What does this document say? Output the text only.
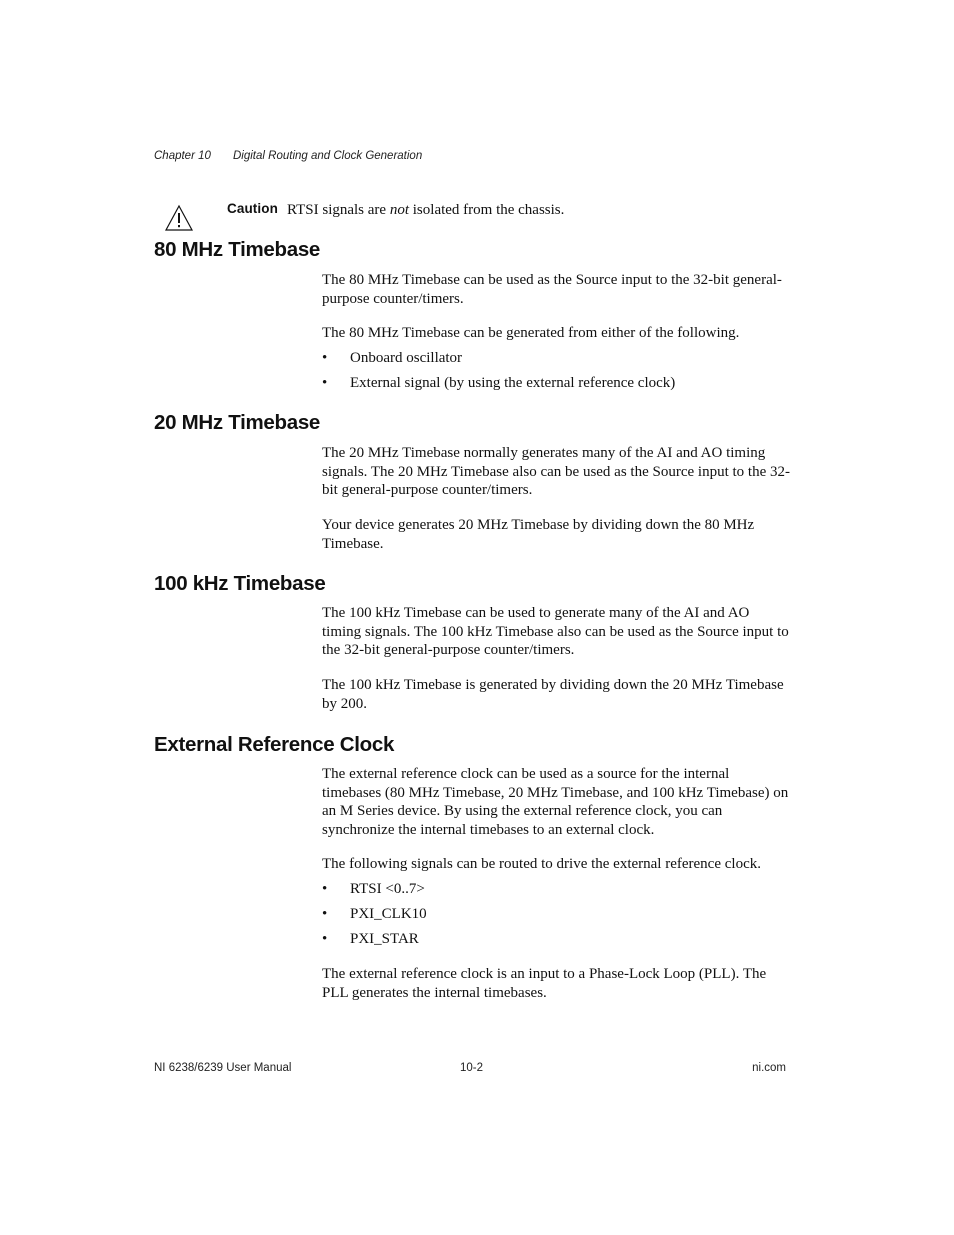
Chapter 10 Digital Routing and Clock Generation
Caution RTSI signals are not isolated from the chassis.
80 MHz Timebase

The 80 MHz Timebase can be used as the Source input to the 32-bit general-purpose counter/timers.

The 80 MHz Timebase can be generated from either of the following.

• Onboard oscillator
• External signal (by using the external reference clock)
20 MHz Timebase

The 20 MHz Timebase normally generates many of the AI and AO timing signals. The 20 MHz Timebase also can be used as the Source input to the 32-bit general-purpose counter/timers.

Your device generates 20 MHz Timebase by dividing down the 80 MHz Timebase.

100 kHz Timebase

The 100 kHz Timebase can be used to generate many of the AI and AO timing signals. The 100 kHz Timebase also can be used as the Source input to the 32-bit general-purpose counter/timers.

The 100 kHz Timebase is generated by dividing down the 20 MHz Timebase by 200.

External Reference Clock

The external reference clock can be used as a source for the internal timebases (80 MHz Timebase, 20 MHz Timebase, and 100 kHz Timebase) on an M Series device. By using the external reference clock, you can synchronize the internal timebases to an external clock.

The following signals can be routed to drive the external reference clock.

• RTSI <0..7>
• PXI_CLK10
• PXI_STAR

The external reference clock is an input to a Phase-Lock Loop (PLL). The PLL generates the internal timebases.

NI 6238/6239 User Manual	10-2	ni.com
